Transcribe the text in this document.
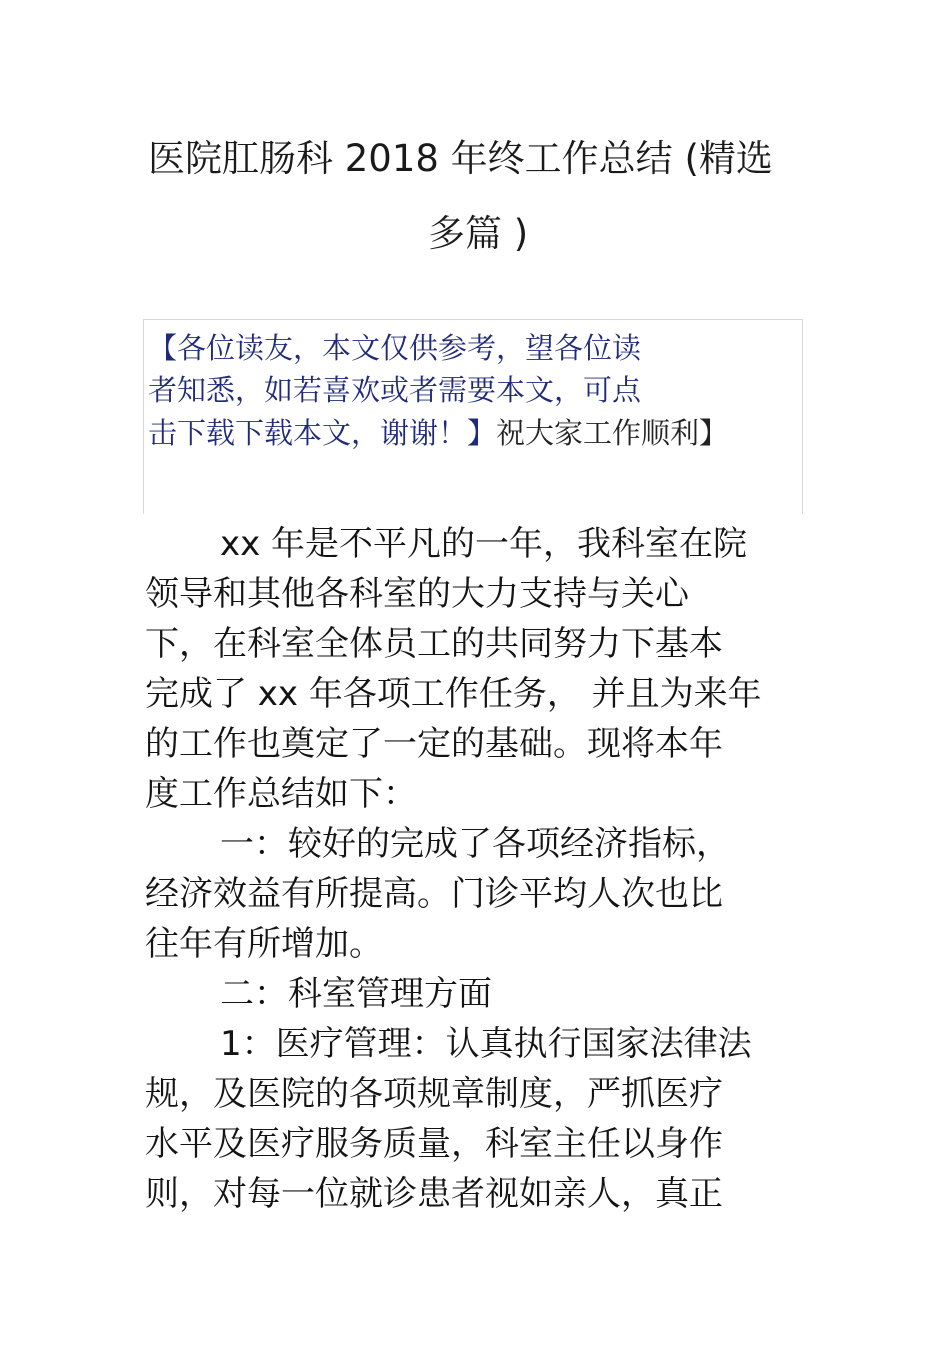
医院肛肠科 2018 年终工作总结 (精选
多篇 )
【各位读友，本文仅供参考，望各位读
者知悉，如若喜欢或者需要本文，可点
击下载下载本文，谢谢！】祝大家工作顺利】
xx 年是不平凡的一年，我科室在院
领导和其他各科室的大力支持与关心
下，在科室全体员工的共同努力下基本
完成了 xx 年各项工作任务， 并且为来年
的工作也奠定了一定的基础。现将本年
度工作总结如下：
一：较好的完成了各项经济指标，
经济效益有所提高。门诊平均人次也比
往年有所增加。
二：科室管理方面
1：医疗管理：认真执行国家法律法
规，及医院的各项规章制度，严抓医疗
水平及医疗服务质量，科室主任以身作
则，对每一位就诊患者视如亲人，真正
